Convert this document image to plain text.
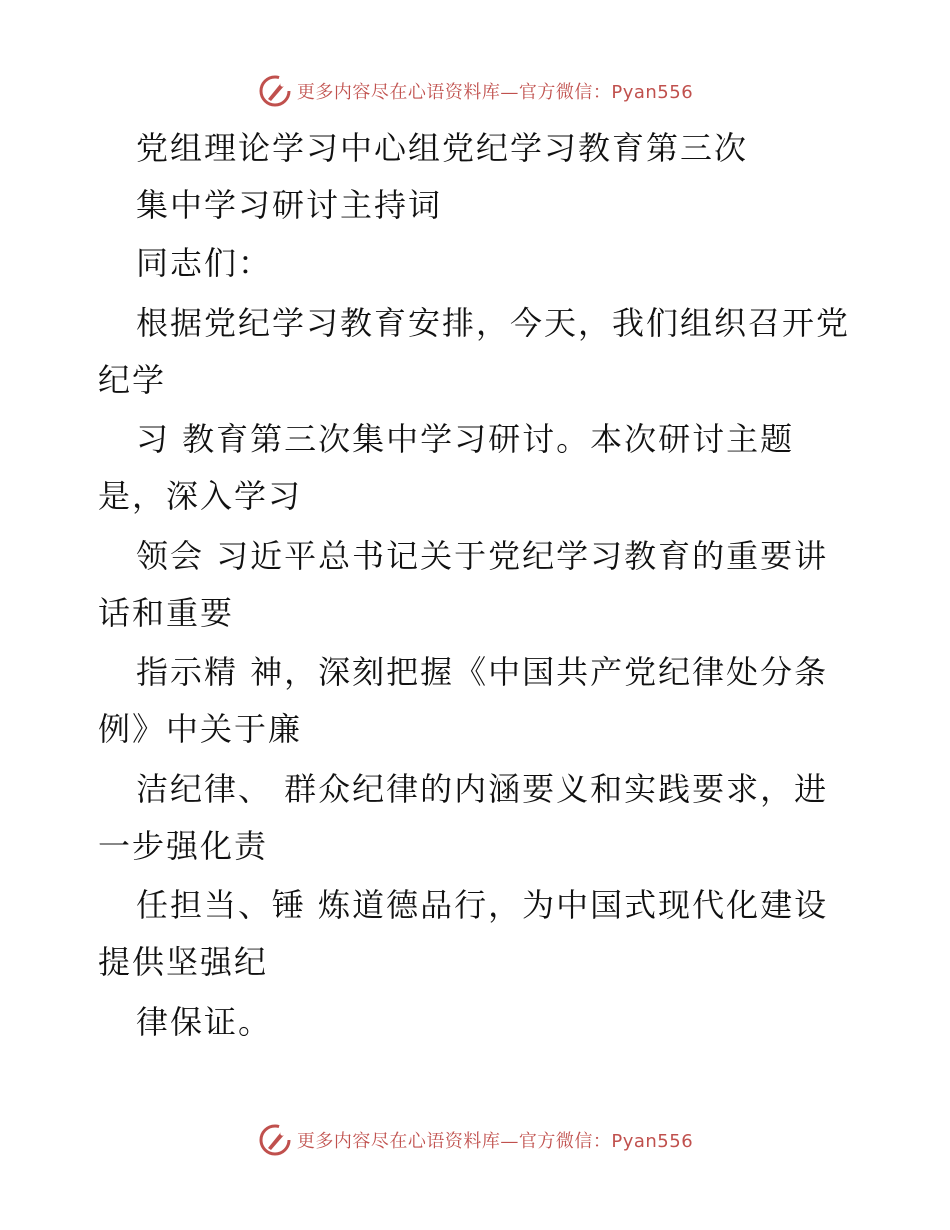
更多内容尽在心语资料库—官方微信：Pyan556
党组理论学习中心组党纪学习教育第三次
集中学习研讨主持词
同志们：
根据党纪学习教育安排，今天，我们组织召开党
纪学
习 教育第三次集中学习研讨。本次研讨主题
是，深入学习
领会 习近平总书记关于党纪学习教育的重要讲
话和重要
指示精 神，深刻把握《中国共产党纪律处分条
例》中关于廉
洁纪律、 群众纪律的内涵要义和实践要求，进
一步强化责
任担当、锤 炼道德品行，为中国式现代化建设
提供坚强纪
律保证。
更多内容尽在心语资料库—官方微信：Pyan556
